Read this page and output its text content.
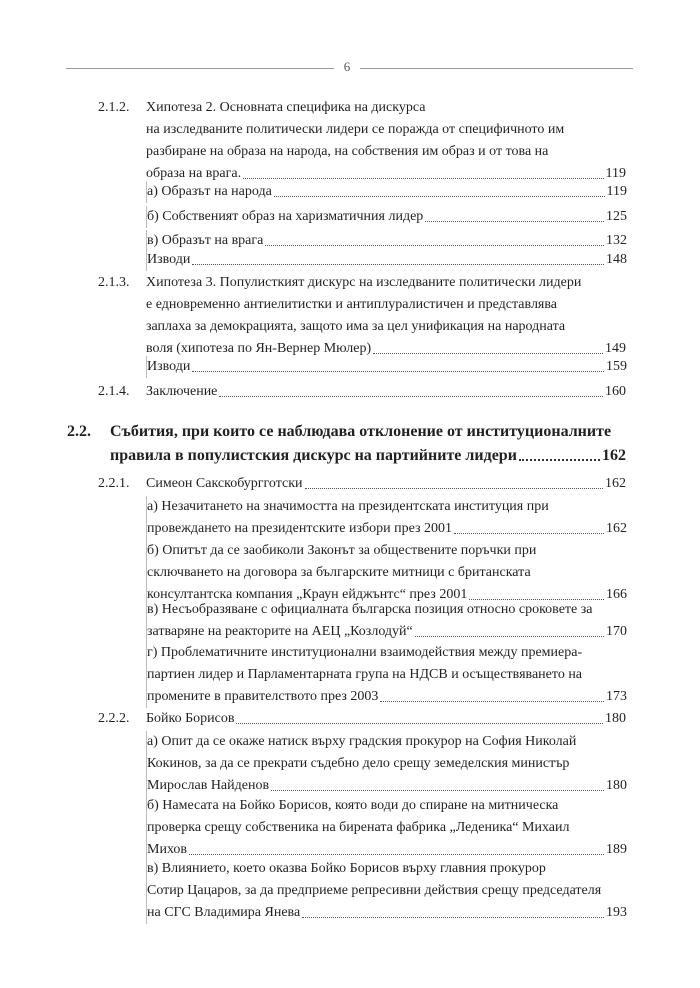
6
2.1.2. Хипотеза 2. Основната специфика на дискурса
на изследваните политически лидери се поражда от специфичното им
разбиране на образа на народа, на собствения им образ и от това на
образа на врага.	119
а) Образът на народа	119
б) Собственият образ на харизматичния лидер	125
в) Образът на врага	132
Изводи	148
2.1.3. Хипотеза 3. Популисткият дискурс на изследваните политически лидери
е едновременно антиелитистки и антиплуралистичен и представлява
заплаха за демокрацията, защото има за цел унификация на народната
воля (хипотеза по Ян-Вернер Мюлер)	149
Изводи	159
2.1.4. Заключение	160
2.2. Събития, при които се наблюдава отклонение от институционалните
правила в популистския дискурс на партийните лидери	162
2.2.1. Симеон Сакскобургготски	162
а) Незачитането на значимостта на президентската институция при
провеждането на президентските избори през 2001	162
б) Опитът да се заобиколи Законът за обществените поръчки при
сключването на договора за българските митници с британската
консултантска компания „Краун ейджънтс“ през 2001	166
в) Несъобразяване с официалната българска позиция относно сроковете за
затваряне на реакторите на АЕЦ „Козлодуй“	170
г) Проблематичните институционални взаимодействия между премиера-
партиен лидер и Парламентарната група на НДСВ и осъществяването на
промените в правителството през 2003	173
2.2.2. Бойко Борисов	180
а) Опит да се окаже натиск върху градския прокурор на София Николай
Кокинов, за да се прекрати съдебно дело срещу земеделския министър
Мирослав Найденов	180
б) Намесата на Бойко Борисов, която води до спиране на митническа
проверка срещу собственика на бирената фабрика „Леденика“ Михаил
Михов	189
в) Влиянието, което оказва Бойко Борисов върху главния прокурор
Сотир Цацаров, за да предприеме репресивни действия срещу председателя
на СГС Владимира Янева	193
